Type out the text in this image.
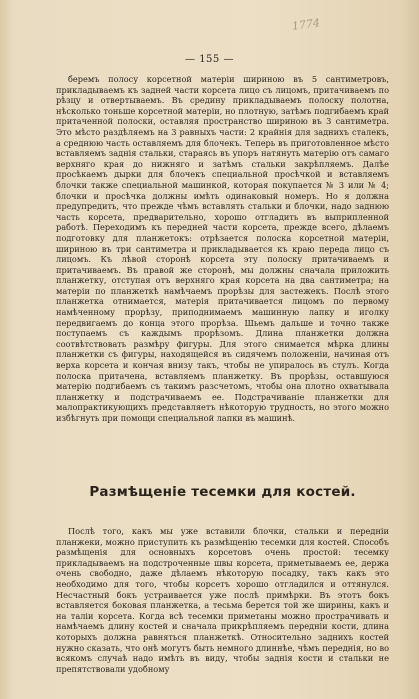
— 155 —
1774

беремъ полосу корсетной матеріи шириною въ 5 сантиметровъ, прикладываемъ къ задней части корсета лицо съ лицомъ, притачиваемъ по рѣзцу и отвертываемъ. Въ средину прикладываемъ полоску полотна, нѣсколько тоньше корсетной матеріи, но плотную, затѣмъ подгибаемъ край притаченной полоски, оставляя пространство шириною въ 3 сантиметра. Это мѣсто раздѣляемъ на 3 равныхъ части: 2 крайнія для заднихъ сталекъ, а среднюю часть оставляемъ для блочекъ. Теперь въ приготовленное мѣсто вставляемъ заднія стальки, стараясь въ упоръ натянуть матерію отъ самаго верхняго края до нижняго и затѣмъ стальки закрѣпляемъ. Далѣе просѣкаемъ дырки для блочекъ специальной просѣчкой и вставляемъ блочки также специальной машинкой, которая покупается № 3 или № 4; блочки и просѣчка должны имѣть одинаковый номеръ. Но я должна предупредить, что прежде чѣмъ вставлять стальки и блочки, надо заднюю часть корсета, предварительно, хорошо отгладить въ выприпленной работѣ. Переходимъ къ передней части корсета, прежде всего, дѣлаемъ подготовку для планжетокъ: отрѣзается полоска корсетной матеріи, шириною въ три сантиметра и прикладывается къ краю переда лицо съ лицомъ. Къ лѣвой сторонѣ корсета эту полоску притачиваемъ и притачиваемъ. Въ правой же сторонѣ, мы должны сначала приложить планжетку, отступая отъ верхняго края корсета на два сантиметра; на матеріи по планжеткѣ намѣчаемъ прорѣзы для застежекъ. Послѣ этого планжетка отнимается, матерія притачивается лицомъ по первому намѣченному прорѣзу, приподнимаемъ машинную лапку и иголку передвигаемъ до конца этого прорѣза. Шьемъ дальше и точно также поступаемъ съ каждымъ прорѣзомъ. Длина планжетки должна соотвѣтствовать размѣру фигуры. Для этого снимается мѣрка длины планжетки съ фигуры, находящейся въ сидячемъ положеніи, начиная отъ верха корсета и кончая внизу такъ, чтобы не упиралось въ стулъ. Когда полоска притачена, вставляемъ планжетку. Въ прорѣзы, оставшуюся матерію подгибаемъ съ такимъ разсчетомъ, чтобы она плотно охватывала планжетку и подстрачиваемъ ее. Подстрачиваніе планжетки для малопрактикующихъ представляетъ нѣкоторую трудность, но этого можно избѣгнуть при помощи специальной лапки въ машинѣ.

Размѣщеніе тесемки для костей.

Послѣ того, какъ мы уже вставили блочки, стальки и передніи планжеки, можно приступить къ размѣщенію тесемки для костей. Способъ размѣщенія для основныхъ корсетовъ очень простой: тесемку прикладываемъ на подстроченные швы корсета, приметываемъ ее, держа очень свободно, даже дѣлаемъ нѣкоторую посадку, такъ какъ это необходимо для того, чтобы корсетъ хорошо отгладился и оттянулся. Несчастный бокъ устраивается уже послѣ примѣрки. Въ этотъ бокъ вставляется боковая планжетка, а тесьма берется той же ширины, какъ и на таліи корсета. Когда всѣ тесемки приметаны можно прострачивать и намѣчаемъ длину костей и сначала прикрѣпляемъ передніи кости, длина которыхъ должна равняться планжеткѣ. Относительно заднихъ костей нужно сказать, что онѣ могутъ быть немного длиннѣе, чѣмъ переднія, но во всякомъ случаѣ надо имѣть въ виду, чтобы заднія кости и стальки не препятствовали удобному
